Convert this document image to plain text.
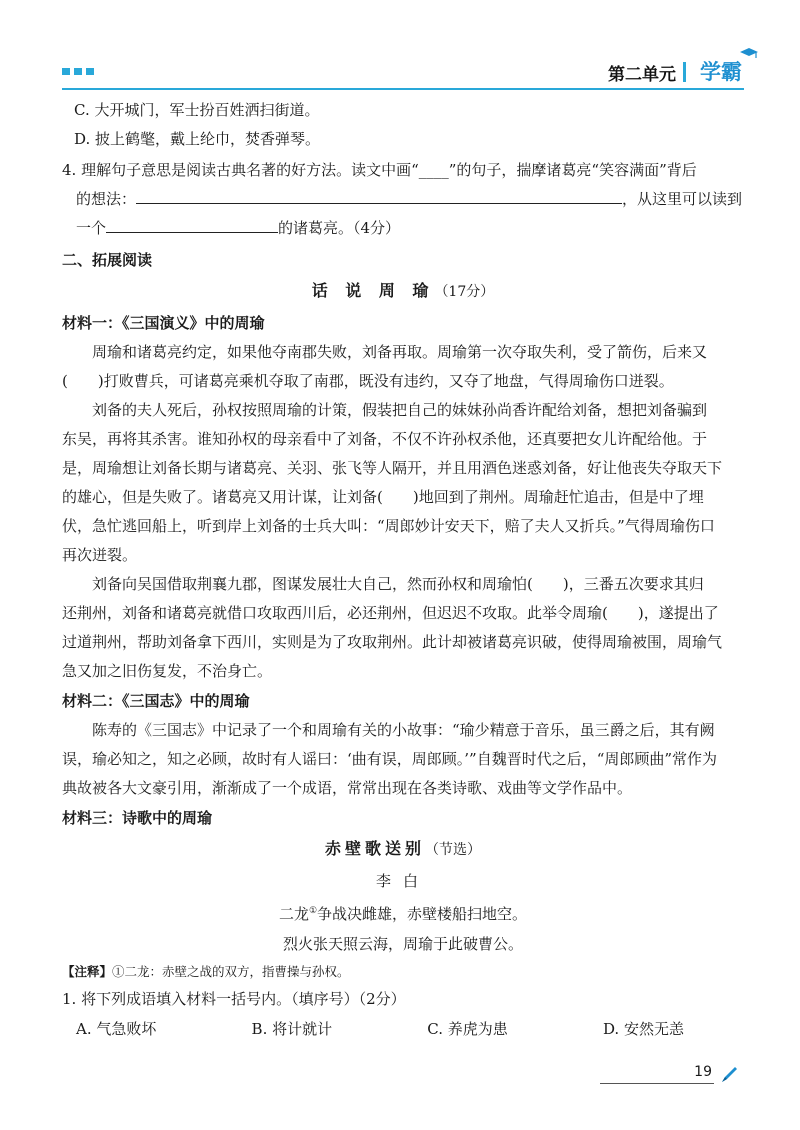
第二单元 学霸
C. 大开城门，军士扮百姓洒扫街道。
D. 披上鹤氅，戴上纶巾，焚香弹琴。
4. 理解句子意思是阅读古典名著的好方法。读文中画“____”的句子，揣摩诸葛亮“笑容满面”背后
的想法：	，从这里可以读到
一个	的诸葛亮。（4分）
二、拓展阅读
话 说 周 瑜（17分）
材料一：《三国演义》中的周瑜
周瑜和诸葛亮约定，如果他夺南郡失败，刘备再取。周瑜第一次夺取失利，受了箭伤，后来又
(　　)打败曹兵，可诸葛亮乘机夺取了南郡，既没有违约，又夺了地盘，气得周瑜伤口迸裂。
刘备的夫人死后，孙权按照周瑜的计策，假装把自己的妹妹孙尚香许配给刘备，想把刘备骗到
东吴，再将其杀害。谁知孙权的母亲看中了刘备，不仅不许孙权杀他，还真要把女儿许配给他。于
是，周瑜想让刘备长期与诸葛亮、关羽、张飞等人隔开，并且用酒色迷惑刘备，好让他丧失夺取天下
的雄心，但是失败了。诸葛亮又用计谋，让刘备(　　)地回到了荆州。周瑜赶忙追击，但是中了埋
伏，急忙逃回船上，听到岸上刘备的士兵大叫：“周郎妙计安天下，赔了夫人又折兵。”气得周瑜伤口
再次迸裂。
刘备向吴国借取荆襄九郡，图谋发展壮大自己，然而孙权和周瑜怕(　　)，三番五次要求其归
还荆州，刘备和诸葛亮就借口攻取西川后，必还荆州，但迟迟不攻取。此举令周瑜(　　)，遂提出了
过道荆州，帮助刘备拿下西川，实则是为了攻取荆州。此计却被诸葛亮识破，使得周瑜被围，周瑜气
急又加之旧伤复发，不治身亡。
材料二：《三国志》中的周瑜
陈寿的《三国志》中记录了一个和周瑜有关的小故事：“瑜少精意于音乐，虽三爵之后，其有阙
误，瑜必知之，知之必顾，故时有人谣曰：‘曲有误，周郎顾。’”自魏晋时代之后，“周郎顾曲”常作为
典故被各大文豪引用，渐渐成了一个成语，常常出现在各类诗歌、戏曲等文学作品中。
材料三：诗歌中的周瑜
赤壁歌送别（节选）
李白
二龙①争战决雌雄，赤壁楼船扫地空。
烈火张天照云海，周瑜于此破曹公。
【注释】①二龙：赤壁之战的双方，指曹操与孙权。
1. 将下列成语填入材料一括号内。（填序号）（2分）
A. 气急败坏	B. 将计就计	C. 养虎为患	D. 安然无恙
19
